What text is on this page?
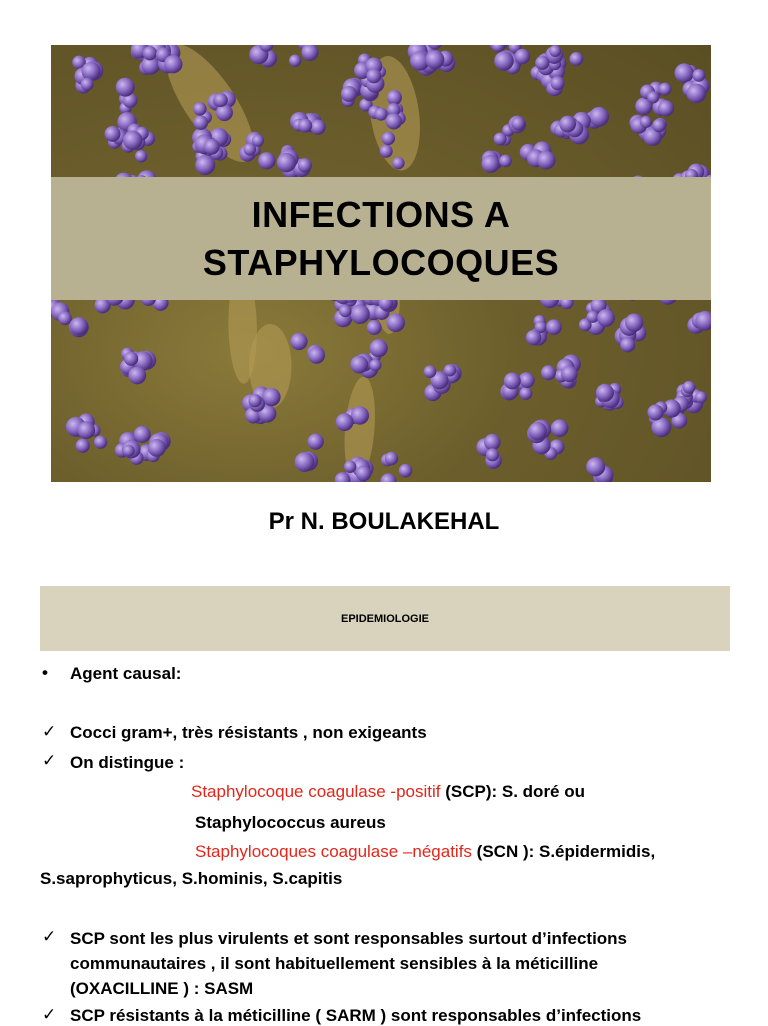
INFECTIONS A
STAPHYLOCOQUES
Pr N. BOULAKEHAL
EPIDEMIOLOGIE
• Agent causal:
✓ Cocci gram+, très résistants , non exigeants
✓ On distingue :
Staphylocoque coagulase -positif (SCP): S. doré ou
Staphylococcus aureus
Staphylocoques coagulase –négatifs (SCN ): S.épidermidis,
S.saprophyticus, S.hominis, S.capitis
✓ SCP sont les plus virulents et sont responsables surtout d’infections
communautaires , il sont habituellement sensibles à la méticilline
(OXACILLINE ) : SASM
✓ SCP résistants à la méticilline ( SARM ) sont responsables d’infections
